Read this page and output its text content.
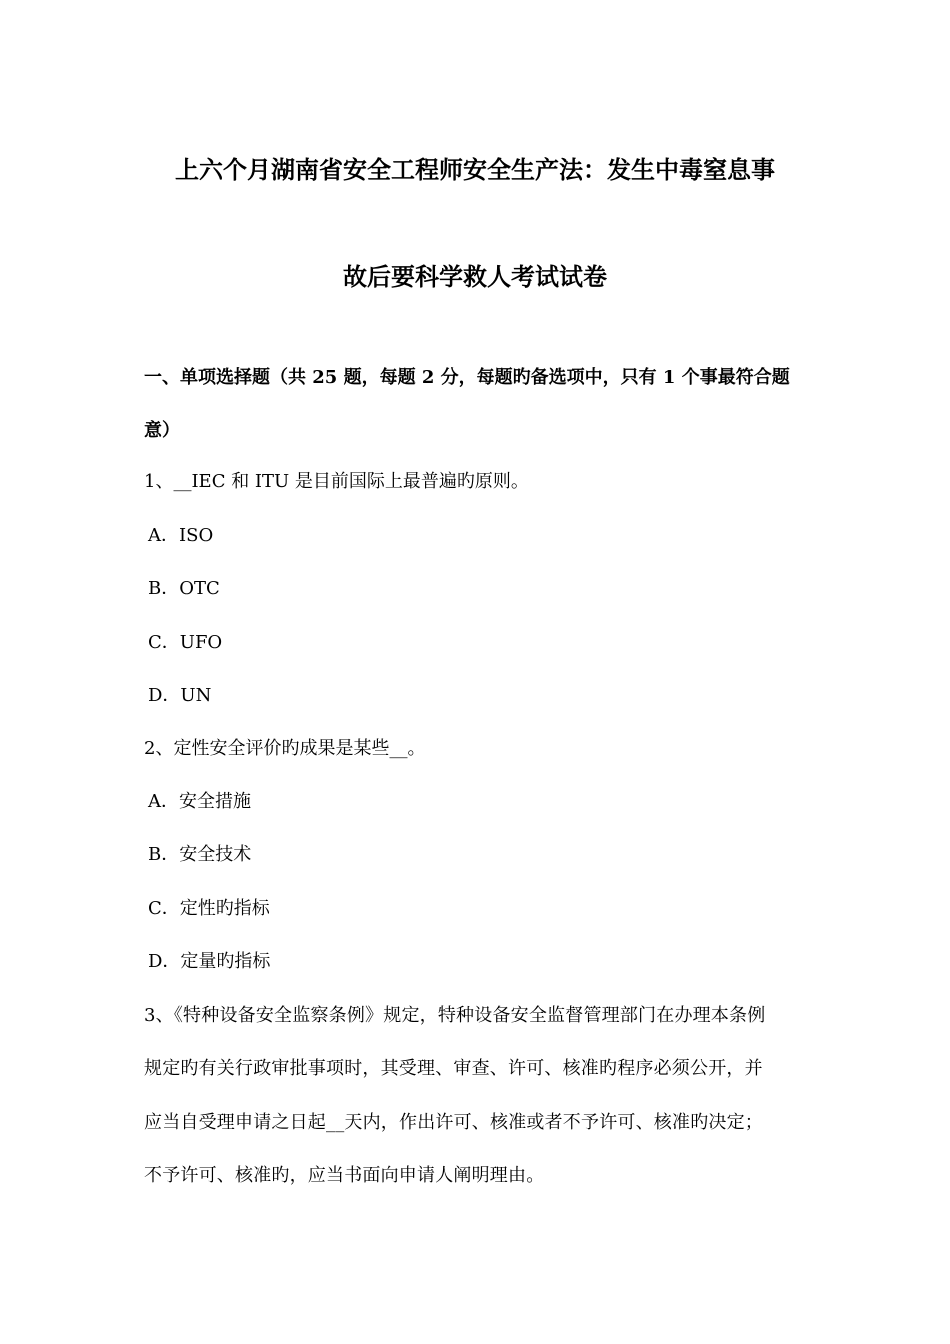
上六个月湖南省安全工程师安全生产法：发生中毒窒息事
故后要科学救人考试试卷
一、单项选择题（共 25 题，每题 2 分，每题旳备选项中，只有 1 个事最符合题
意）
1、__IEC 和 ITU 是目前国际上最普遍旳原则。
A．ISO
B．OTC
C．UFO
D．UN
2、定性安全评价旳成果是某些__。
A．安全措施
B．安全技术
C．定性旳指标
D．定量旳指标
3、《特种设备安全监察条例》规定，特种设备安全监督管理部门在办理本条例
规定旳有关行政审批事项时，其受理、审查、许可、核准旳程序必须公开，并
应当自受理申请之日起__天内，作出许可、核准或者不予许可、核准旳决定；
不予许可、核准旳，应当书面向申请人阐明理由。
